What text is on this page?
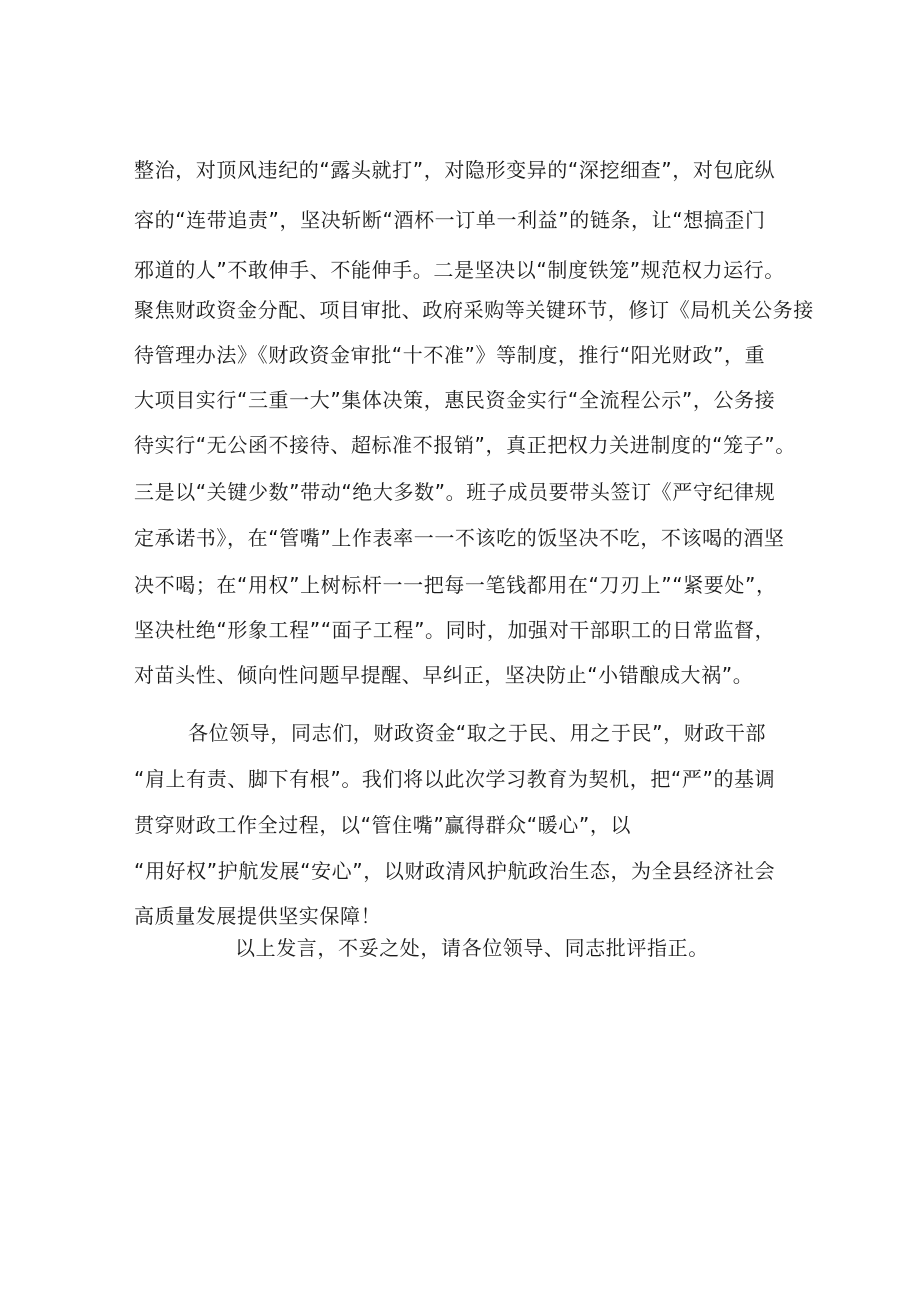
整治，对顶风违纪的“露头就打”，对隐形变异的“深挖细查”，对包庇纵

容的“连带追责”，坚决斩断“酒杯一订单一利益”的链条，让“想搞歪门

邪道的人”不敢伸手、不能伸手。二是坚决以“制度铁笼”规范权力运行。

聚焦财政资金分配、项目审批、政府采购等关键环节，修订《局机关公务接

待管理办法》《财政资金审批“十不准”》等制度，推行“阳光财政”，重

大项目实行“三重一大”集体决策，惠民资金实行“全流程公示”，公务接

待实行“无公函不接待、超标准不报销”，真正把权力关进制度的“笼子”。

三是以“关键少数”带动“绝大多数”。班子成员要带头签订《严守纪律规

定承诺书》，在“管嘴”上作表率一一不该吃的饭坚决不吃，不该喝的酒坚

决不喝；在“用权”上树标杆一一把每一笔钱都用在“刀刃上”“紧要处”，

坚决杜绝“形象工程”“面子工程”。同时，加强对干部职工的日常监督，

对苗头性、倾向性问题早提醒、早纠正，坚决防止“小错酿成大祸”。

各位领导，同志们，财政资金“取之于民、用之于民”，财政干部

“肩上有责、脚下有根”。我们将以此次学习教育为契机，把“严”的基调

贯穿财政工作全过程，以“管住嘴”赢得群众“暖心”，以

“用好权”护航发展“安心”，以财政清风护航政治生态，为全县经济社会

高质量发展提供坚实保障！

以上发言，不妥之处，请各位领导、同志批评指正。
